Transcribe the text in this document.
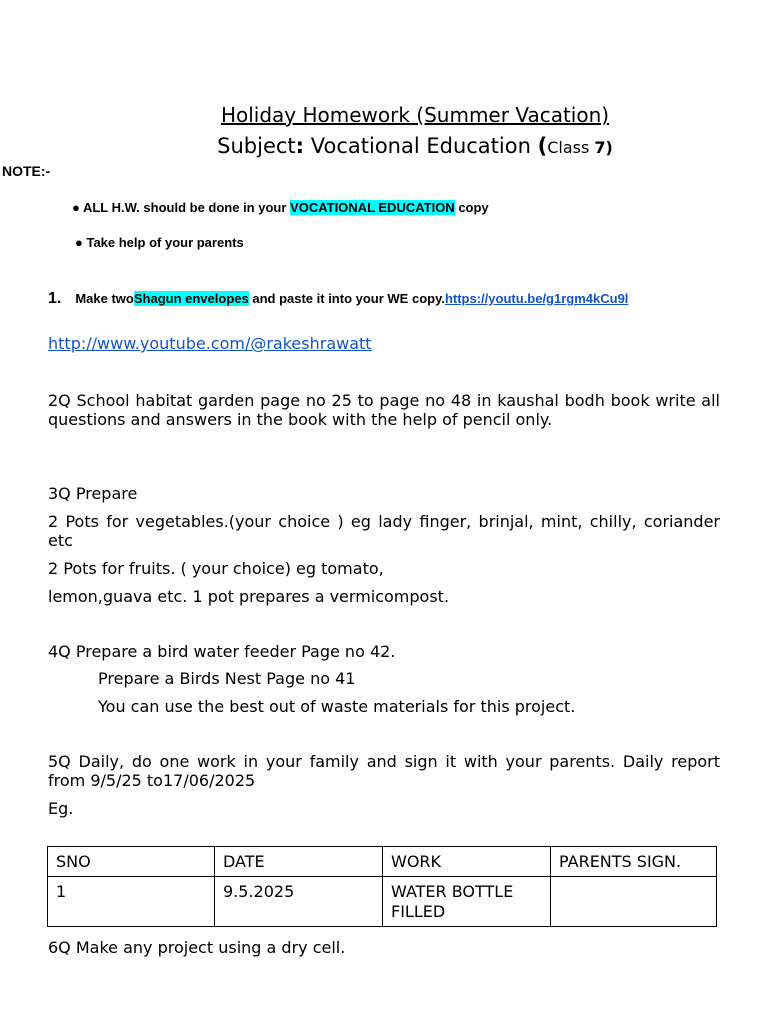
Holiday Homework (Summer Vacation)
Subject: Vocational Education (Class 7)
NOTE:-
● ALL H.W. should be done in your VOCATIONAL EDUCATION copy
● Take help of your parents
1. Make twoShagun envelopes and paste it into your WE copy.https://youtu.be/g1rgm4kCu9l
http://www.youtube.com/@rakeshrawatt
2Q School habitat garden page no 25 to page no 48 in kaushal bodh book write all questions and answers in the book with the help of pencil only.
3Q Prepare
2 Pots for vegetables.(your choice ) eg lady finger, brinjal, mint, chilly, coriander etc
2 Pots for fruits. ( your choice) eg tomato,
lemon,guava etc. 1 pot prepares a vermicompost.
4Q Prepare a bird water feeder Page no 42.
Prepare a Birds Nest Page no 41
You can use the best out of waste materials for this project.
5Q Daily, do one work in your family and sign it with your parents. Daily report from 9/5/25 to17/06/2025
Eg.
SNO	DATE	WORK	PARENTS SIGN.
1	9.5.2025	WATER BOTTLE FILLED	
6Q Make any project using a dry cell.
